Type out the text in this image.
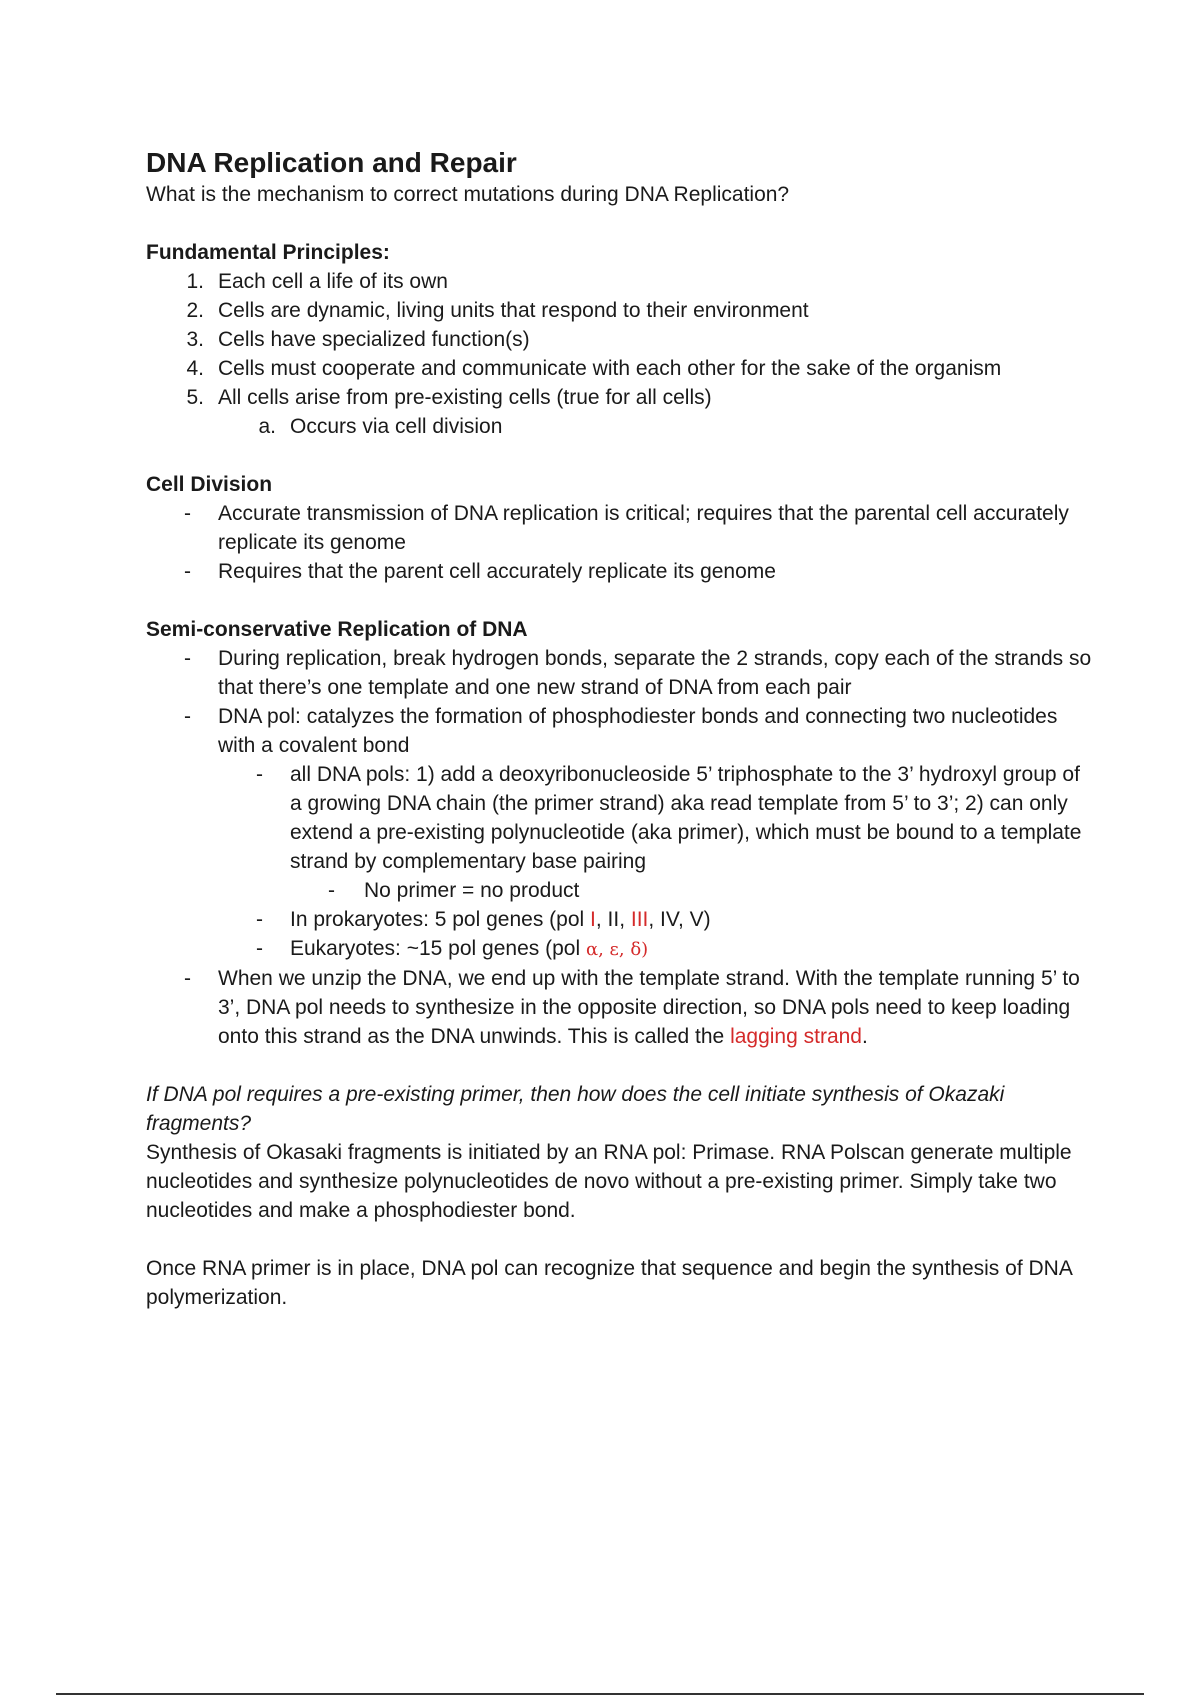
DNA Replication and Repair

What is the mechanism to correct mutations during DNA Replication?

Fundamental Principles:

1. Each cell a life of its own
2. Cells are dynamic, living units that respond to their environment
3. Cells have specialized function(s)
4. Cells must cooperate and communicate with each other for the sake of the organism
5. All cells arise from pre-existing cells (true for all cells)
a. Occurs via cell division

Cell Division

- Accurate transmission of DNA replication is critical; requires that the parental cell accurately replicate its genome
- Requires that the parent cell accurately replicate its genome

Semi-conservative Replication of DNA

- During replication, break hydrogen bonds, separate the 2 strands, copy each of the strands so that there’s one template and one new strand of DNA from each pair
- DNA pol: catalyzes the formation of phosphodiester bonds and connecting two nucleotides with a covalent bond
- all DNA pols: 1) add a deoxyribonucleoside 5’ triphosphate to the 3’ hydroxyl group of a growing DNA chain (the primer strand) aka read template from 5’ to 3’; 2) can only extend a pre-existing polynucleotide (aka primer), which must be bound to a template strand by complementary base pairing
- No primer = no product
- In prokaryotes: 5 pol genes (pol I, II, III, IV, V)
- Eukaryotes: ~15 pol genes (pol α, ε, δ)
- When we unzip the DNA, we end up with the template strand. With the template running 5’ to 3’, DNA pol needs to synthesize in the opposite direction, so DNA pols need to keep loading onto this strand as the DNA unwinds. This is called the lagging strand.

If DNA pol requires a pre-existing primer, then how does the cell initiate synthesis of Okazaki fragments?

Synthesis of Okasaki fragments is initiated by an RNA pol: Primase. RNA Polscan generate multiple nucleotides and synthesize polynucleotides de novo without a pre-existing primer. Simply take two nucleotides and make a phosphodiester bond.

Once RNA primer is in place, DNA pol can recognize that sequence and begin the synthesis of DNA polymerization.
